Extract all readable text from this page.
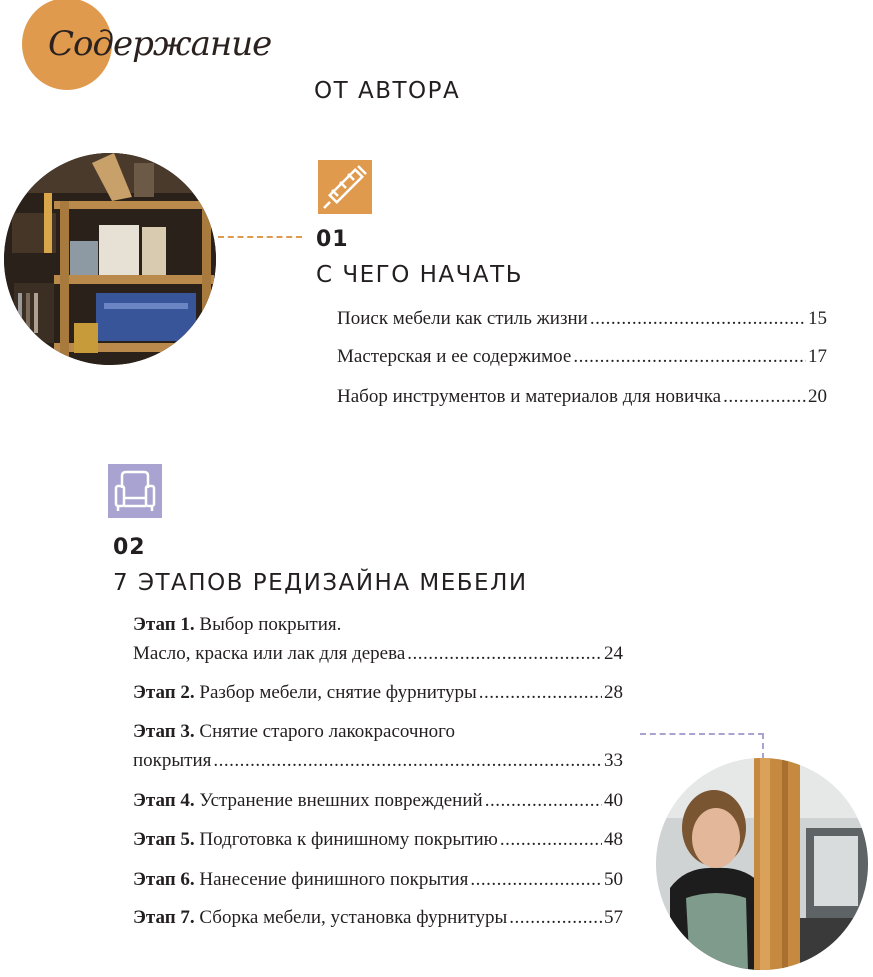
Содержание
ОТ АВТОРА
01
С ЧЕГО НАЧАТЬ
Поиск мебели как стиль жизни .....	15
Мастерская и ее содержимое .....	17
Набор инструментов и материалов для новичка .....	20
02
7 ЭТАПОВ РЕДИЗАЙНА МЕБЕЛИ
Этап 1. Выбор покрытия.
Масло, краска или лак для дерева .....	24
Этап 2. Разбор мебели, снятие фурнитуры .....	28
Этап 3. Снятие старого лакокрасочного
покрытия .....	33
Этап 4. Устранение внешних повреждений .....	40
Этап 5. Подготовка к финишному покрытию .....	48
Этап 6. Нанесение финишного покрытия .....	50
Этап 7. Сборка мебели, установка фурнитуры .....	57
